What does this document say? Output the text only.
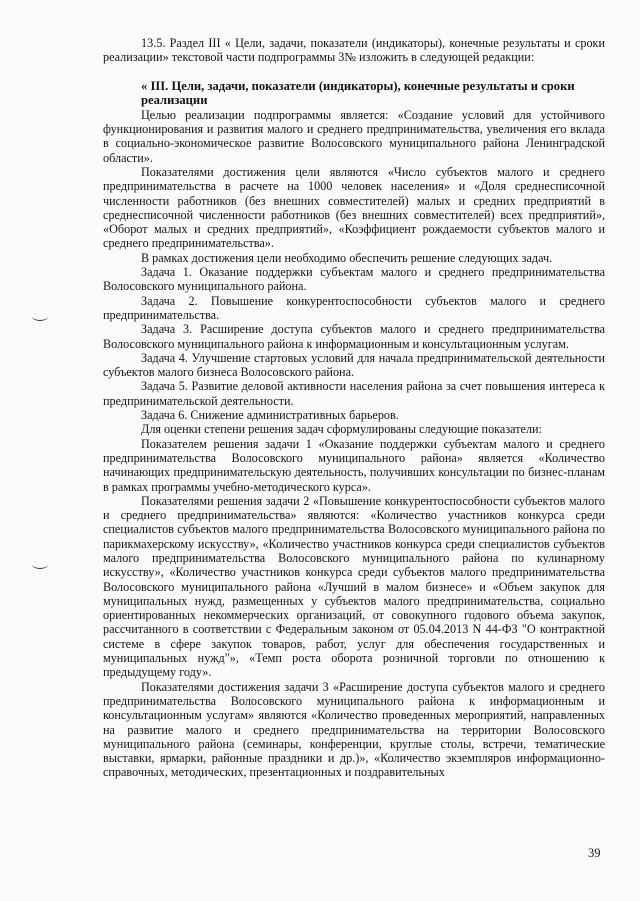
13.5. Раздел III « Цели, задачи, показатели (индикаторы), конечные результаты и сроки реализации» текстовой части подпрограммы 3№ изложить в следующей редакции:

« III. Цели, задачи, показатели (индикаторы), конечные результаты и сроки реализации

Целью реализации подпрограммы является: «Создание условий для устойчивого функционирования и развития малого и среднего предпринимательства, увеличения его вклада в социально-экономическое развитие Волосовского муниципального района Ленинградской области».

Показателями достижения цели являются «Число субъектов малого и среднего предпринимательства в расчете на 1000 человек населения» и «Доля среднесписочной численности работников (без внешних совместителей) малых и средних предприятий в среднесписочной численности работников (без внешних совместителей) всех предприятий», «Оборот малых и средних предприятий», «Коэффициент рождаемости субъектов малого и среднего предпринимательства».

В рамках достижения цели необходимо обеспечить решение следующих задач.

Задача 1. Оказание поддержки субъектам малого и среднего предпринимательства Волосовского муниципального района.

Задача 2. Повышение конкурентоспособности субъектов малого и среднего предпринимательства.

Задача 3. Расширение доступа субъектов малого и среднего предпринимательства Волосовского муниципального района к информационным и консультационным услугам.

Задача 4. Улучшение стартовых условий для начала предпринимательской деятельности субъектов малого бизнеса Волосовского района.

Задача 5. Развитие деловой активности населения района за счет повышения интереса к предпринимательской деятельности.

Задача 6. Снижение административных барьеров.

Для оценки степени решения задач сформулированы следующие показатели:

Показателем решения задачи 1 «Оказание поддержки субъектам малого и среднего предпринимательства Волосовского муниципального района» является «Количество начинающих предпринимательскую деятельность, получивших консультации по бизнес-планам в рамках программы учебно-методического курса».

Показателями решения задачи 2 «Повышение конкурентоспособности субъектов малого и среднего предпринимательства» являются: «Количество участников конкурса среди специалистов субъектов малого предпринимательства Волосовского муниципального района по парикмахерскому искусству», «Количество участников конкурса среди специалистов субъектов малого предпринимательства Волосовского муниципального района по кулинарному искусству», «Количество участников конкурса среди субъектов малого предпринимательства Волосовского муниципального района «Лучший в малом бизнесе» и «Объем закупок для муниципальных нужд, размещенных у субъектов малого предпринимательства, социально ориентированных некоммерческих организаций, от совокупного годового объема закупок, рассчитанного в соответствии с Федеральным законом от 05.04.2013 N 44-ФЗ "О контрактной системе в сфере закупок товаров, работ, услуг для обеспечения государственных и муниципальных нужд"», «Темп роста оборота розничной торговли по отношению к предыдущему году».

Показателями достижения задачи 3 «Расширение доступа субъектов малого и среднего предпринимательства Волосовского муниципального района к информационным и консультационным услугам» являются «Количество проведенных мероприятий, направленных на развитие малого и среднего предпринимательства на территории Волосовского муниципального района (семинары, конференции, круглые столы, встречи, тематические выставки, ярмарки, районные праздники и др.)», «Количество экземпляров информационно-справочных, методических, презентационных и поздравительных

39
